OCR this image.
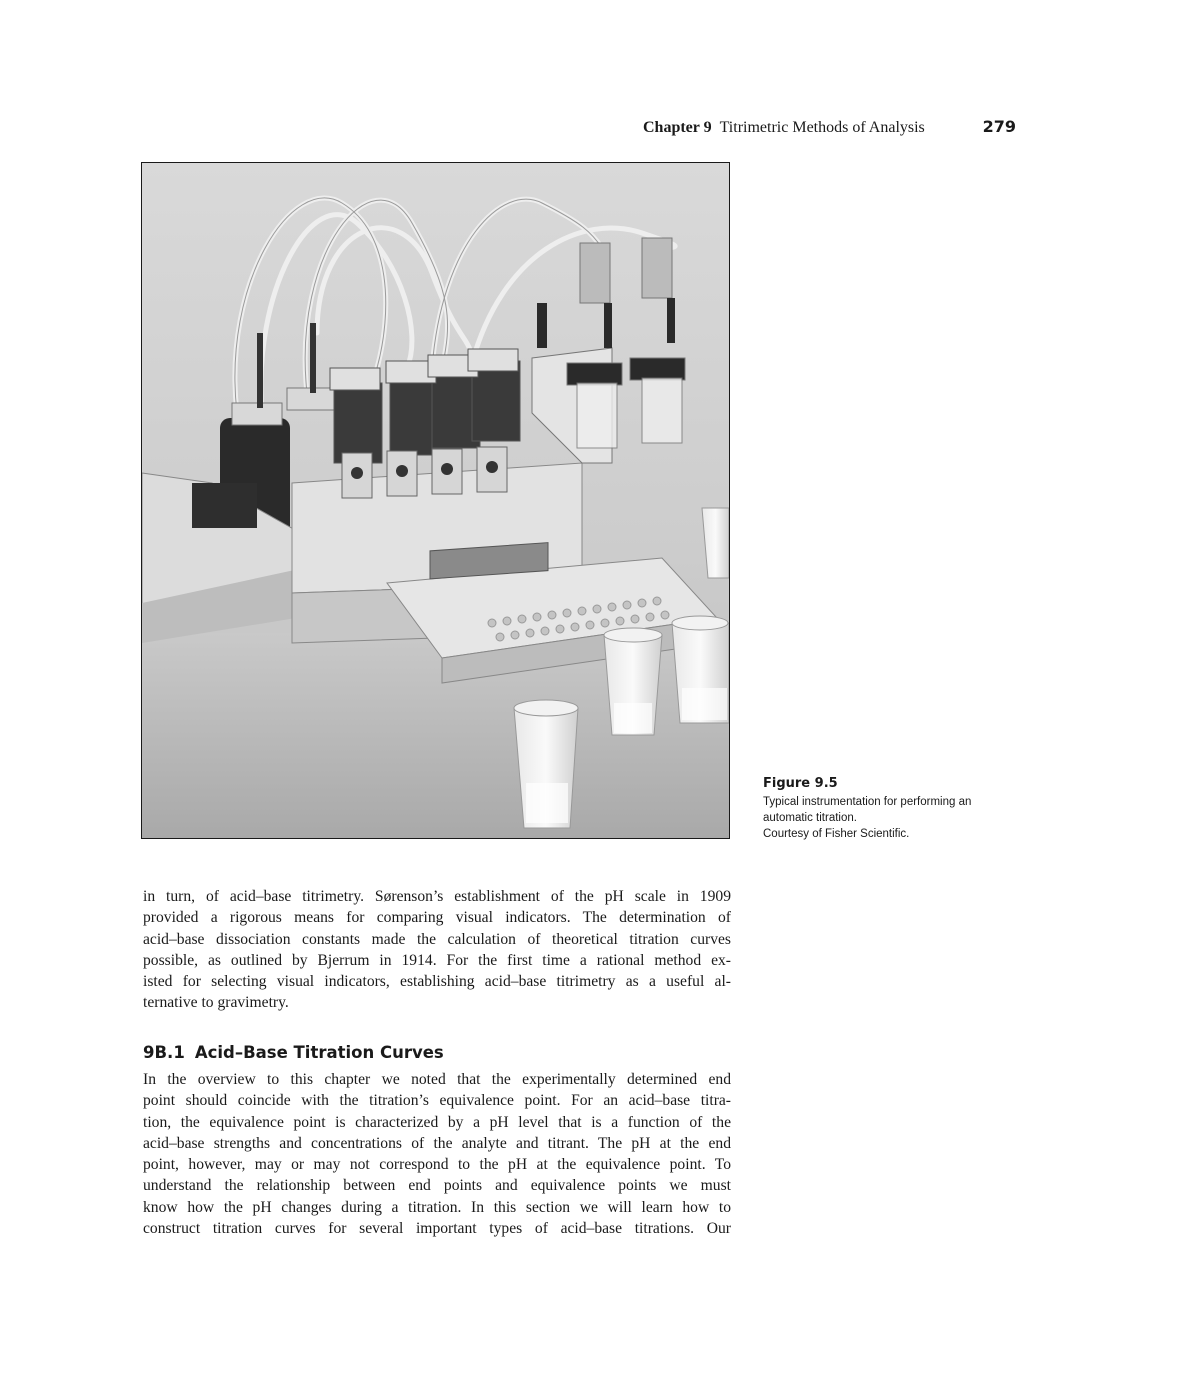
Chapter 9 Titrimetric Methods of Analysis	279
Figure 9.5
Typical instrumentation for performing an
automatic titration.
Courtesy of Fisher Scientific.
in turn, of acid–base titrimetry. Sørenson’s establishment of the pH scale in 1909
provided a rigorous means for comparing visual indicators. The determination of
acid–base dissociation constants made the calculation of theoretical titration curves
possible, as outlined by Bjerrum in 1914. For the first time a rational method ex-
isted for selecting visual indicators, establishing acid–base titrimetry as a useful al-
ternative to gravimetry.
9B.1 Acid–Base Titration Curves
In the overview to this chapter we noted that the experimentally determined end
point should coincide with the titration’s equivalence point. For an acid–base titra-
tion, the equivalence point is characterized by a pH level that is a function of the
acid–base strengths and concentrations of the analyte and titrant. The pH at the end
point, however, may or may not correspond to the pH at the equivalence point. To
understand the relationship between end points and equivalence points we must
know how the pH changes during a titration. In this section we will learn how to
construct titration curves for several important types of acid–base titrations. Our
